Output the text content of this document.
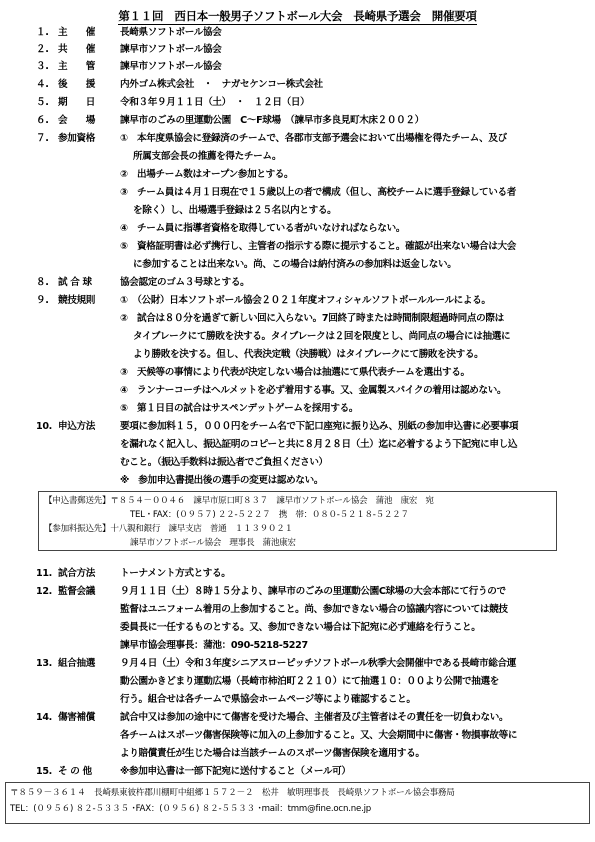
第１１回　西日本一般男子ソフトボール大会　長崎県予選会　開催要項
１. 主　　催	長崎県ソフトボール協会
２. 共　　催	諫早市ソフトボール協会
３. 主　　管	諫早市ソフトボール協会
４. 後　　援	内外ゴム株式会社　・　ナガセケンコー株式会社
５. 期　　日	令和３年９月１１日（土）　・　１２日（日）
６. 会　　場	諫早市のごみの里運動公園　C～F球場　（諫早市多良見町木床２００２）
７. 参加資格	①　本年度県協会に登録済のチームで、各郡市支部予選会において出場権を得たチーム、及び
所属支部会長の推薦を得たチーム。
②　出場チーム数はオープン参加とする。
③　チーム員は４月１日現在で１５歳以上の者で構成（但し、高校チームに選手登録している者
を除く）し、出場選手登録は２５名以内とする。
④　チーム員に指導者資格を取得している者がいなければならない。
⑤　資格証明書は必ず携行し、主管者の指示する際に提示すること。確認が出来ない場合は大会
に参加することは出来ない。尚、この場合は納付済みの参加料は返金しない。
８. 試 合 球	協会認定のゴム３号球とする。
９. 競技規則	①　（公財）日本ソフトボール協会２０２１年度オフィシャルソフトボールルールによる。
②　試合は８０分を過ぎて新しい回に入らない。7回終了時または時間制限超過時同点の際は
タイブレークにて勝敗を決する。タイブレークは２回を限度とし、尚同点の場合には抽選に
より勝敗を決する。但し、代表決定戦（決勝戦）はタイブレークにて勝敗を決する。
③　天候等の事情により代表が決定しない場合は抽選にて県代表チームを選出する。
④　ランナーコーチはヘルメットを必ず着用する事。又、金属製スパイクの着用は認めない。
⑤　第１日目の試合はサスペンデットゲームを採用する。
10. 申込方法	要項に参加料１５，０００円をチーム名で下記口座宛に振り込み、別紙の参加申込書に必要事項
を漏れなく記入し、振込証明のコピーと共に８月２８日（土）迄に必着するよう下記宛に申し込
むこと。（振込手数料は振込者でご負担ください）
※　参加申込書提出後の選手の変更は認めない。
【申込書郵送先】〒８５４－００４６　諫早市原口町８３７　諫早市ソフトボール協会　蒲池　康宏　宛
TEL・FAX：(０９５７) ２２-５２２７　携　帯：０８０-５２１８-５２２７
【参加料振込先】十八親和銀行　諫早支店　普通　１１３９０２１
諫早市ソフトボール協会　理事長　蒲池康宏
11. 試合方法	トーナメント方式とする。
12. 監督会議	９月１１日（土）８時１５分より、諫早市のごみの里運動公園C球場の大会本部にて行うので
監督はユニフォーム着用の上参加すること。尚、参加できない場合の協議内容については競技
委員長に一任するものとする。又、参加できない場合は下記宛に必ず連絡を行うこと。
諫早市協会理事長：蒲池：090-5218-5227
13. 組合抽選	９月４日（土）令和３年度シニアスローピッチソフトボール秋季大会開催中である長崎市総合運
動公園かきどまり運動広場（長崎市柿泊町２２１０）にて抽選１０：００より公開で抽選を
行う。組合せは各チームで県協会ホームページ等により確認すること。
14. 傷害補償	試合中又は参加の途中にて傷害を受けた場合、主催者及び主管者はその責任を一切負わない。
各チームはスポーツ傷害保険等に加入の上参加すること。又、大会期間中に傷害・物損事故等に
より賠償責任が生じた場合は当該チームのスポーツ傷害保険を適用する。
15. そ の 他	※参加申込書は一部下記宛に送付すること（メール可）
〒８５９－３６１４　長崎県東彼杵郡川棚町中組郷１５７２－２　松井　敏明理事長　長崎県ソフトボール協会事務局
TEL：(０９５６) ８２-５３３５ ･FAX：(０９５６) ８２-５５３３ ･mail：tmm@fine.ocn.ne.jp
